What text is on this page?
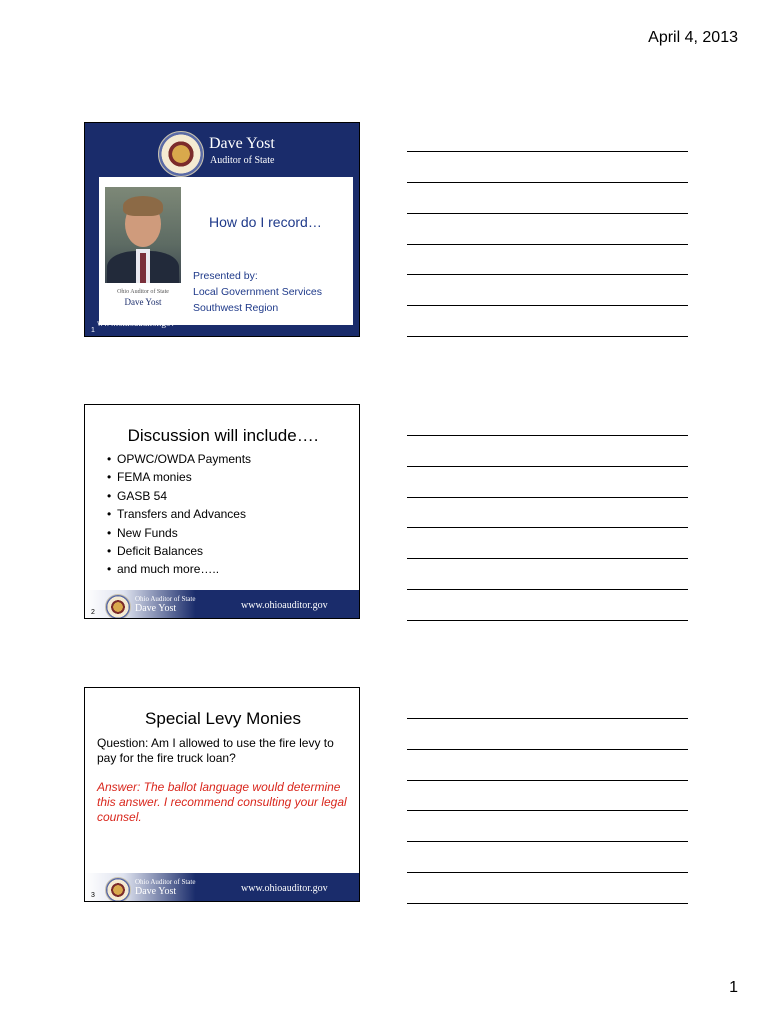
April 4, 2013
Dave Yost
Auditor of State
Ohio Auditor of State
Dave Yost
How do I record…
Presented by:
Local Government Services
Southwest Region
www.ohioauditor.gov
1
Discussion will include….
• OPWC/OWDA Payments
• FEMA monies
• GASB 54
• Transfers and Advances
• New Funds
• Deficit Balances
• and much more…..
Ohio Auditor of State
Dave Yost	www.ohioauditor.gov
2
Special Levy Monies
Question: Am I allowed to use the fire levy to pay for the fire truck loan?
Answer: The ballot language would determine this answer. I recommend consulting your legal counsel.
Ohio Auditor of State
Dave Yost	www.ohioauditor.gov
3
1
